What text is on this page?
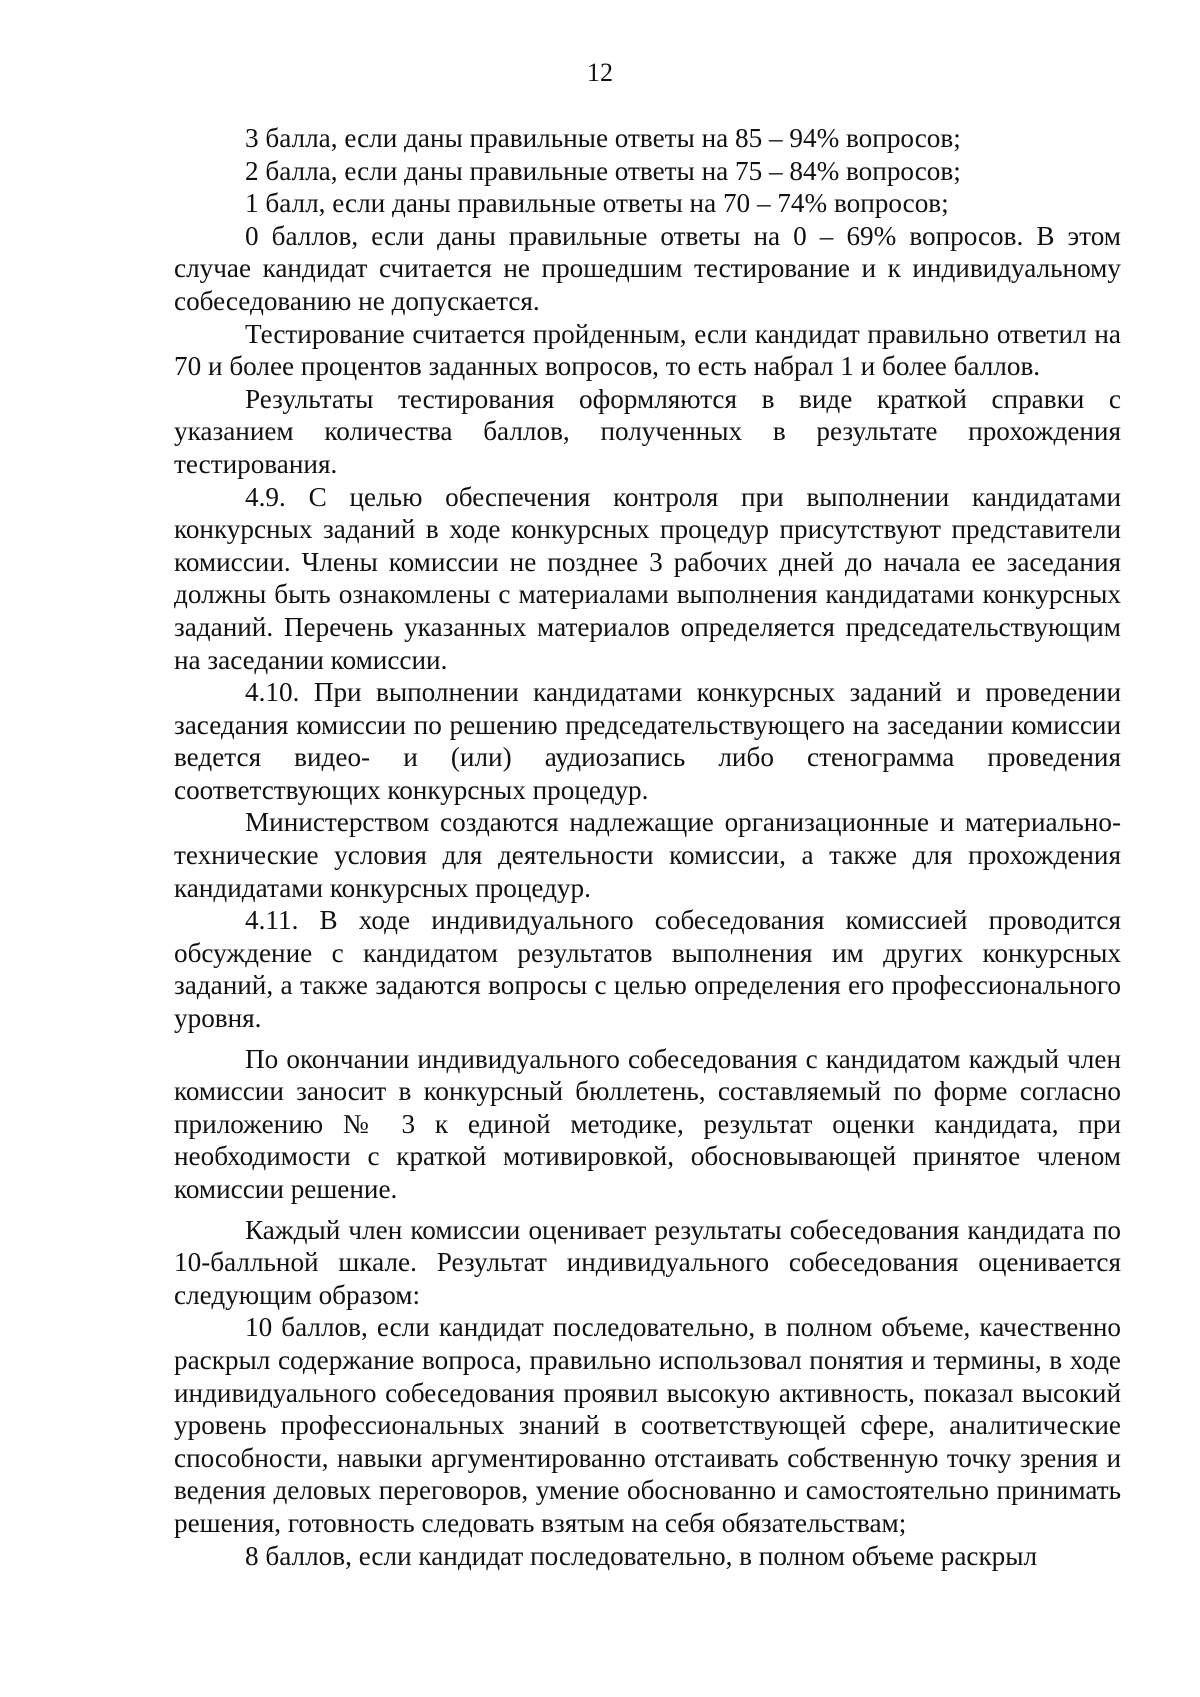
12

3 балла, если даны правильные ответы на 85 – 94% вопросов;

2 балла, если даны правильные ответы на 75 – 84% вопросов;

1 балл, если даны правильные ответы на 70 – 74% вопросов;

0 баллов, если даны правильные ответы на 0 – 69% вопросов. В этом случае кандидат считается не прошедшим тестирование и к индивидуальному собеседованию не допускается.

Тестирование считается пройденным, если кандидат правильно ответил на 70 и более процентов заданных вопросов, то есть набрал 1 и более баллов.

Результаты тестирования оформляются в виде краткой справки с указанием количества баллов, полученных в результате прохождения тестирования.

4.9. С целью обеспечения контроля при выполнении кандидатами конкурсных заданий в ходе конкурсных процедур присутствуют представители комиссии. Члены комиссии не позднее 3 рабочих дней до начала ее заседания должны быть ознакомлены с материалами выполнения кандидатами конкурсных заданий. Перечень указанных материалов определяется председательствующим на заседании комиссии.

4.10. При выполнении кандидатами конкурсных заданий и проведении заседания комиссии по решению председательствующего на заседании комиссии ведется видео- и (или) аудиозапись либо стенограмма проведения соответствующих конкурсных процедур.

Министерством создаются надлежащие организационные и материально-технические условия для деятельности комиссии, а также для прохождения кандидатами конкурсных процедур.

4.11. В ходе индивидуального собеседования комиссией проводится обсуждение с кандидатом результатов выполнения им других конкурсных заданий, а также задаются вопросы с целью определения его профессионального уровня.

По окончании индивидуального собеседования с кандидатом каждый член комиссии заносит в конкурсный бюллетень, составляемый по форме согласно приложению № 3 к единой методике, результат оценки кандидата, при необходимости с краткой мотивировкой, обосновывающей принятое членом комиссии решение.

Каждый член комиссии оценивает результаты собеседования кандидата по 10-балльной шкале. Результат индивидуального собеседования оценивается следующим образом:

10 баллов, если кандидат последовательно, в полном объеме, качественно раскрыл содержание вопроса, правильно использовал понятия и термины, в ходе индивидуального собеседования проявил высокую активность, показал высокий уровень профессиональных знаний в соответствующей сфере, аналитические способности, навыки аргументированно отстаивать собственную точку зрения и ведения деловых переговоров, умение обоснованно и самостоятельно принимать решения, готовность следовать взятым на себя обязательствам;

8 баллов, если кандидат последовательно, в полном объеме раскрыл
